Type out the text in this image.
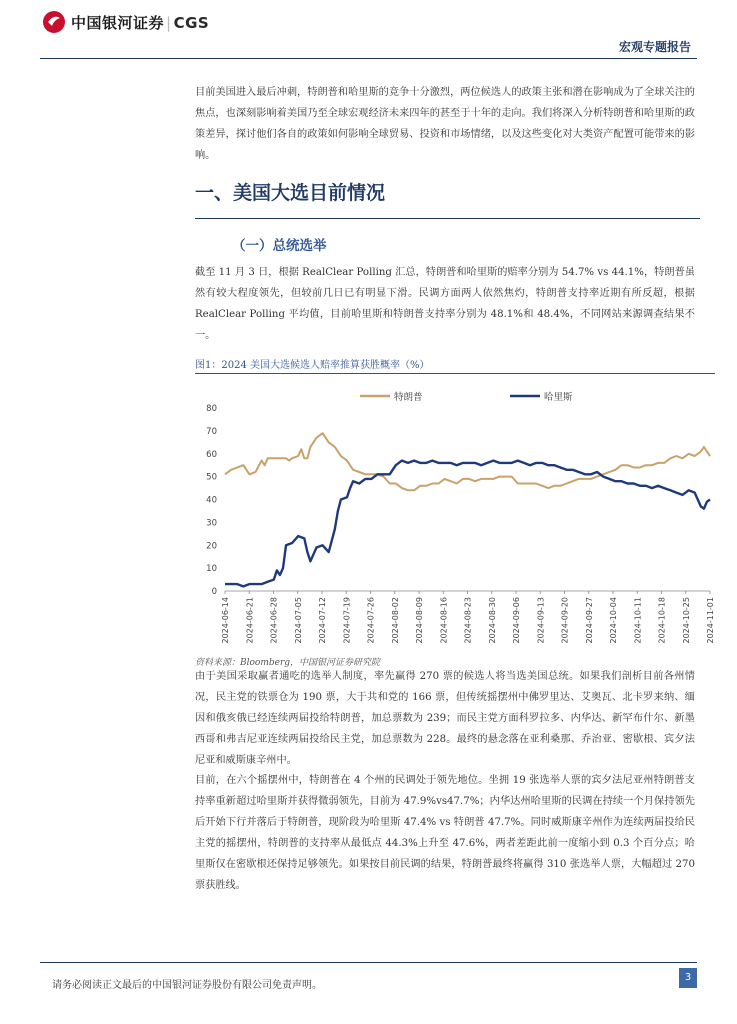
中国银河证券 | CGS
宏观专题报告

目前美国进入最后冲刺，特朗普和哈里斯的竞争十分激烈，两位候选人的政策主张和潜在影响成为了全球关注的焦点，也深刻影响着美国乃至全球宏观经济未来四年的甚至于十年的走向。我们将深入分析特朗普和哈里斯的政策差异，探讨他们各自的政策如何影响全球贸易、投资和市场情绪，以及这些变化对大类资产配置可能带来的影响。

一、美国大选目前情况
（一）总统选举

截至 11 月 3 日，根据 RealClear Polling 汇总，特朗普和哈里斯的赔率分别为 54.7% vs 44.1%，特朗普虽然有较大程度领先，但较前几日已有明显下滑。民调方面两人依然焦灼，特朗普支持率近期有所反超，根据 RealClear Polling 平均值，目前哈里斯和特朗普支持率分别为 48.1%和 48.4%，不同网站来源调查结果不一。

图1：2024 美国大选候选人赔率推算获胜概率（%）

特朗普	哈里斯
0
10
20
30
40
50
60
70
80
2024-06-14 2024-06-21 2024-06-28 2024-07-05 2024-07-12 2024-07-19 2024-07-26 2024-08-02 2024-08-09 2024-08-16 2024-08-23 2024-08-30 2024-09-06 2024-09-13 2024-09-20 2024-09-27 2024-10-04 2024-10-11 2024-10-18 2024-10-25 2024-11-01

资料来源：Bloomberg，中国银河证券研究院

由于美国采取赢者通吃的选举人制度，率先赢得 270 票的候选人将当选美国总统。如果我们剖析目前各州情况，民主党的铁票仓为 190 票，大于共和党的 166 票，但传统摇摆州中佛罗里达、艾奥瓦、北卡罗来纳、缅因和俄亥俄已经连续两届投给特朗普，加总票数为 239；而民主党方面科罗拉多、内华达、新罕布什尔、新墨西哥和弗吉尼亚连续两届投给民主党，加总票数为 228。最终的悬念落在亚利桑那、乔治亚、密歇根、宾夕法尼亚和威斯康辛州中。

目前，在六个摇摆州中，特朗普在 4 个州的民调处于领先地位。坐拥 19 张选举人票的宾夕法尼亚州特朗普支持率重新超过哈里斯并获得微弱领先，目前为 47.9%vs47.7%；内华达州哈里斯的民调在持续一个月保持领先后开始下行并落后于特朗普，现阶段为哈里斯 47.4% vs 特朗普 47.7%。同时威斯康辛州作为连续两届投给民主党的摇摆州，特朗普的支持率从最低点 44.3%上升至 47.6%，两者差距此前一度缩小到 0.3 个百分点；哈里斯仅在密歇根还保持足够领先。如果按目前民调的结果，特朗普最终将赢得 310 张选举人票，大幅超过 270 票获胜线。

请务必阅读正文最后的中国银河证券股份有限公司免责声明。

3
